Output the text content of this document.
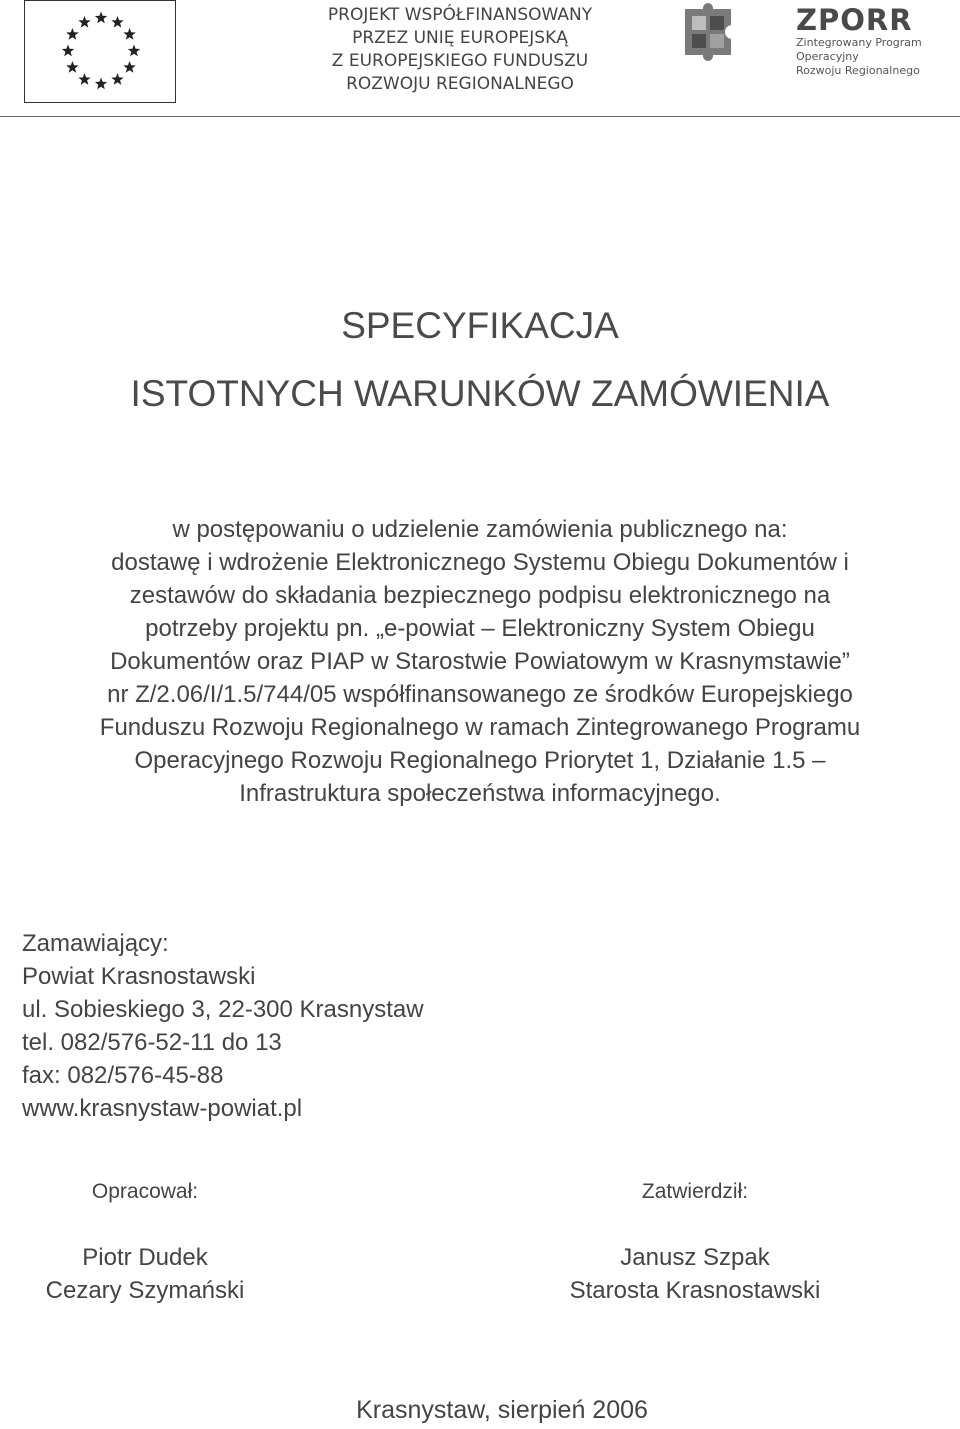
PROJEKT WSPÓŁFINANSOWANY
PRZEZ UNIĘ EUROPEJSKĄ
Z EUROPEJSKIEGO FUNDUSZU
ROZWOJU REGIONALNEGO
ZPORR
Zintegrowany Program
Operacyjny
Rozwoju Regionalnego
SPECYFIKACJA
ISTOTNYCH WARUNKÓW ZAMÓWIENIA
w postępowaniu o udzielenie zamówienia publicznego na:
dostawę i wdrożenie Elektronicznego Systemu Obiegu Dokumentów i
zestawów do składania bezpiecznego podpisu elektronicznego na
potrzeby projektu pn. „e-powiat – Elektroniczny System Obiegu
Dokumentów oraz PIAP w Starostwie Powiatowym w Krasnymstawie”
nr Z/2.06/I/1.5/744/05 współfinansowanego ze środków Europejskiego
Funduszu Rozwoju Regionalnego w ramach Zintegrowanego Programu
Operacyjnego Rozwoju Regionalnego Priorytet 1, Działanie 1.5 –
Infrastruktura społeczeństwa informacyjnego.
Zamawiający:
Powiat Krasnostawski
ul. Sobieskiego 3, 22-300 Krasnystaw
tel. 082/576-52-11 do 13
fax: 082/576-45-88
www.krasnystaw-powiat.pl
Opracował:
Piotr Dudek
Cezary Szymański
Zatwierdził:
Janusz Szpak
Starosta Krasnostawski
Krasnystaw, sierpień 2006
